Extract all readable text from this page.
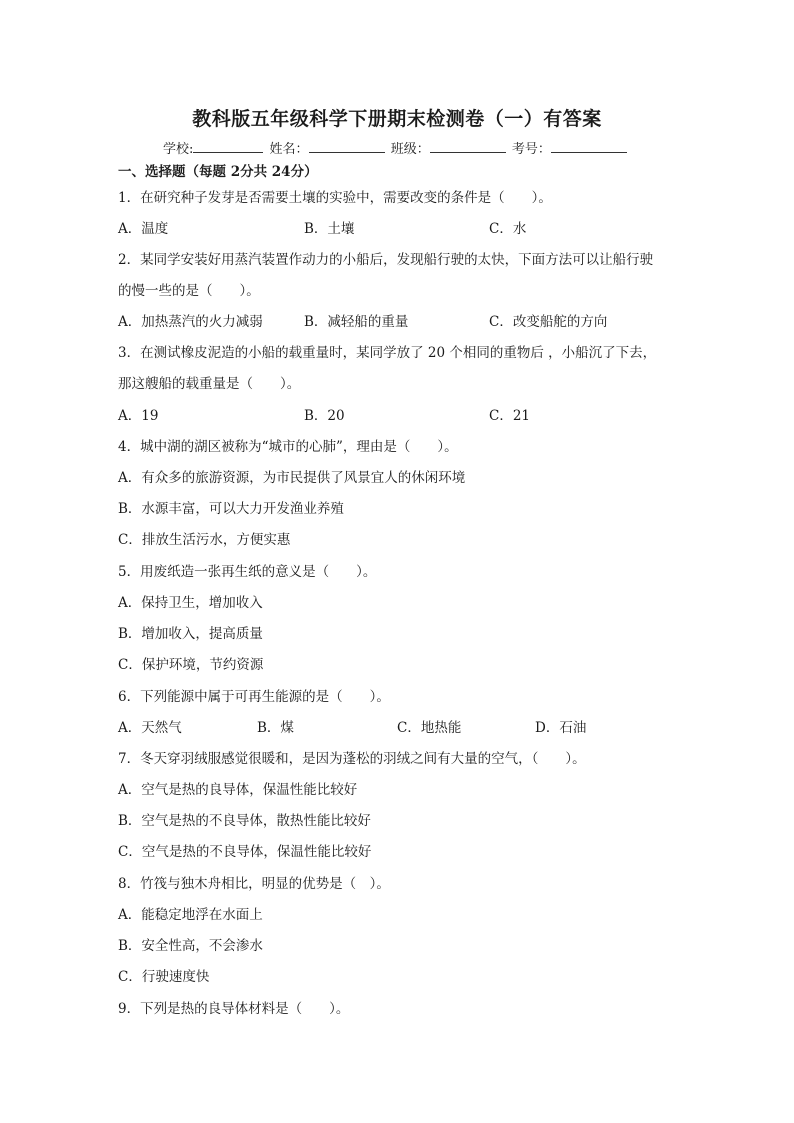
教科版五年级科学下册期末检测卷（一）有答案
学校:	姓名：	班级：	考号：
一、选择题（每题 2分共 24分）
1．在研究种子发芽是否需要土壤的实验中，需要改变的条件是（　　）。
A．温度	B．土壤	C．水
2．某同学安装好用蒸汽装置作动力的小船后，发现船行驶的太快，下面方法可以让船行驶
的慢一些的是（　　）。
A．加热蒸汽的火力减弱	B．减轻船的重量	C．改变船舵的方向
3．在测试橡皮泥造的小船的载重量时，某同学放了 20 个相同的重物后 ，小船沉了下去，
那这艘船的载重量是（　　）。
A．19	B．20	C．21
4．城中湖的湖区被称为“城市的心肺”，理由是（　　）。
A．有众多的旅游资源，为市民提供了风景宜人的休闲环境
B．水源丰富，可以大力开发渔业养殖
C．排放生活污水，方便实惠
5．用废纸造一张再生纸的意义是（　　）。
A．保持卫生，增加收入
B．增加收入，提高质量
C．保护环境，节约资源
6．下列能源中属于可再生能源的是（　　）。
A．天然气	B．煤	C．地热能	D．石油
7．冬天穿羽绒服感觉很暖和，是因为蓬松的羽绒之间有大量的空气，（　　）。
A．空气是热的良导体，保温性能比较好
B．空气是热的不良导体，散热性能比较好
C．空气是热的不良导体，保温性能比较好
8．竹筏与独木舟相比，明显的优势是（　）。
A．能稳定地浮在水面上
B．安全性高，不会渗水
C．行驶速度快
9．下列是热的良导体材料是（　　）。
